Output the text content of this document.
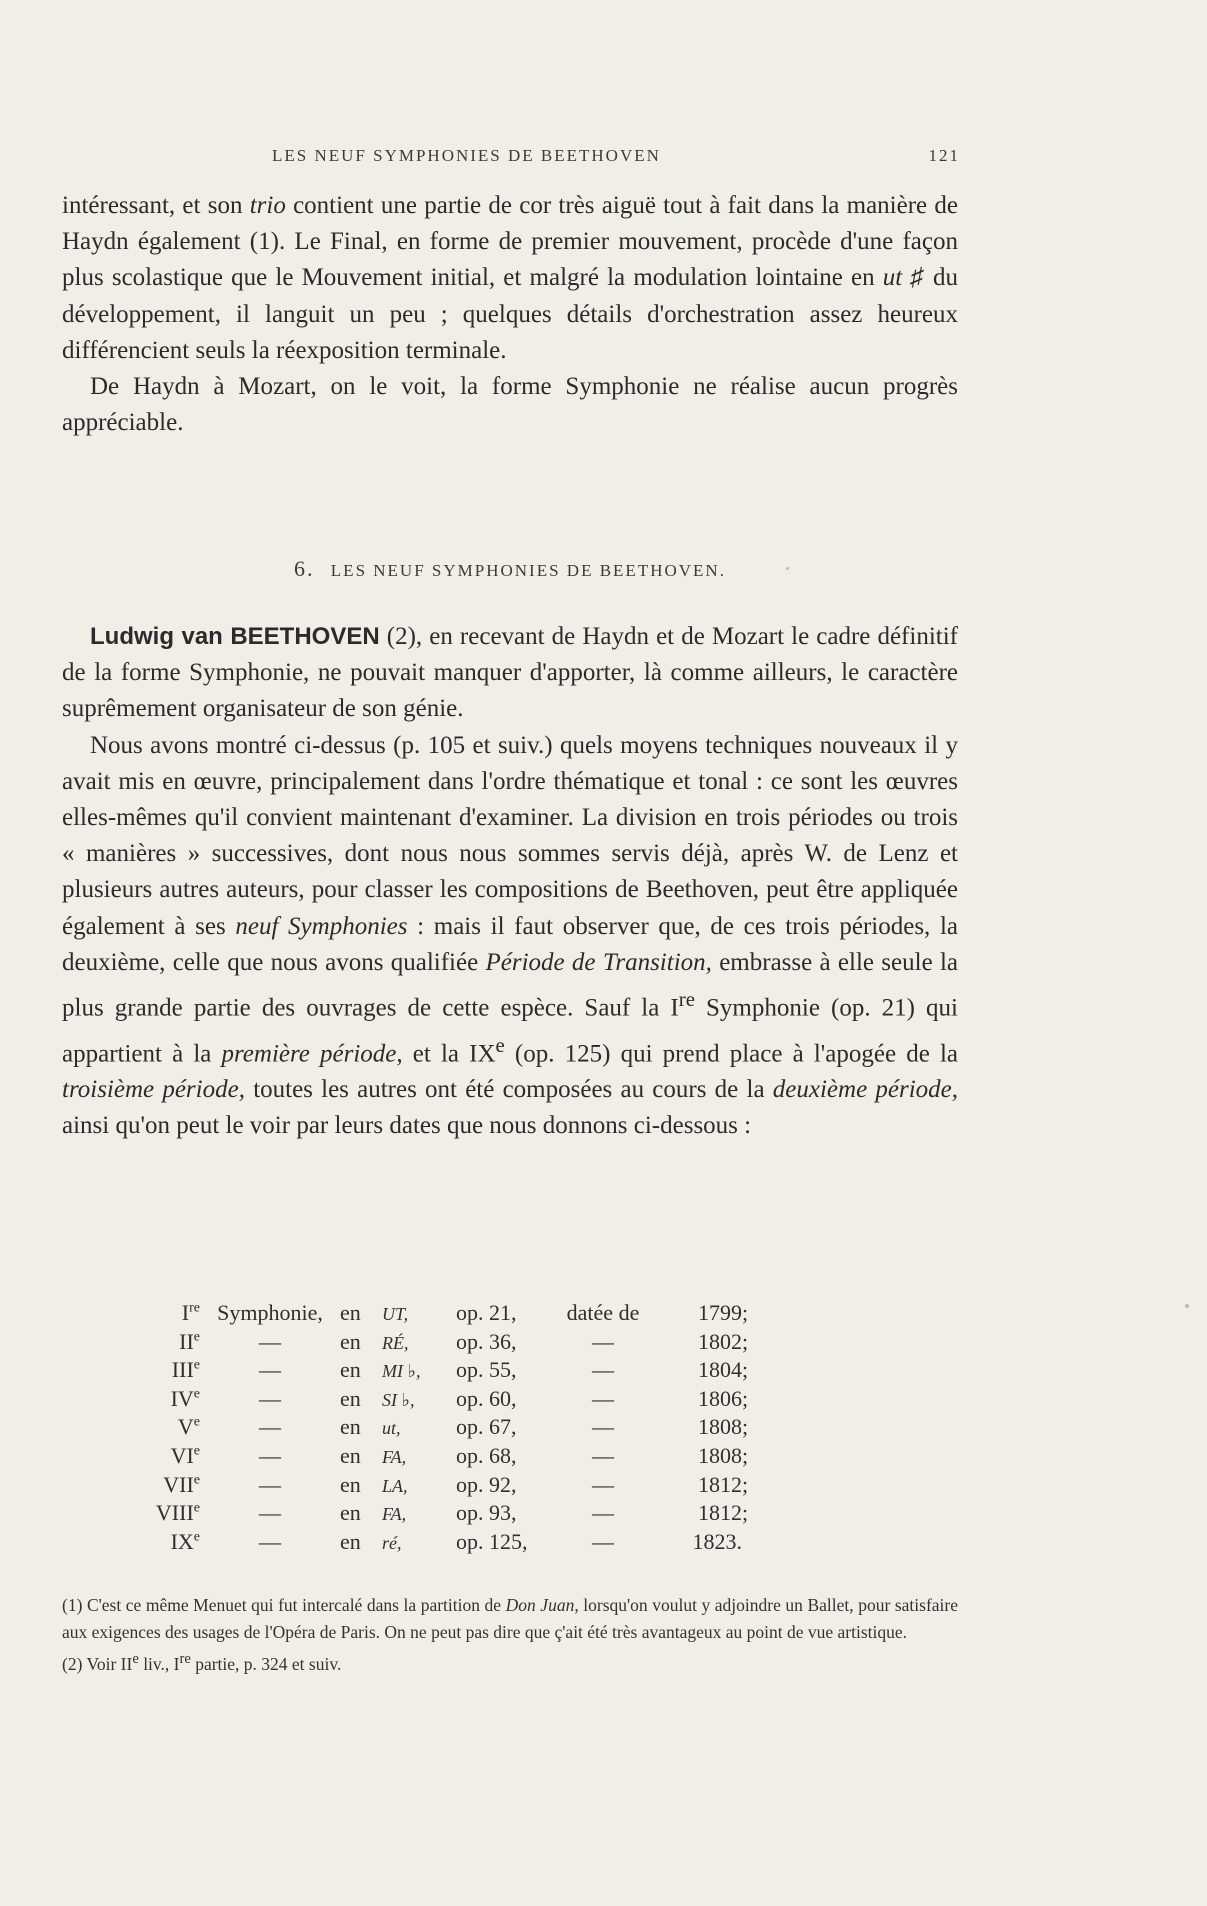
LES NEUF SYMPHONIES DE BEETHOVEN	121

intéressant, et son trio contient une partie de cor très aiguë tout à fait dans la manière de Haydn également (1). Le Final, en forme de premier mouvement, procède d'une façon plus scolastique que le Mouvement initial, et malgré la modulation lointaine en ut ♯ du développement, il languit un peu ; quelques détails d'orchestration assez heureux différencient seuls la réexposition terminale.

De Haydn à Mozart, on le voit, la forme Symphonie ne réalise aucun progrès appréciable.

6. LES NEUF SYMPHONIES DE BEETHOVEN.

Ludwig van BEETHOVEN (2), en recevant de Haydn et de Mozart le cadre définitif de la forme Symphonie, ne pouvait manquer d'apporter, là comme ailleurs, le caractère suprêmement organisateur de son génie.

Nous avons montré ci-dessus (p. 105 et suiv.) quels moyens techniques nouveaux il y avait mis en œuvre, principalement dans l'ordre thématique et tonal : ce sont les œuvres elles-mêmes qu'il convient maintenant d'examiner. La division en trois périodes ou trois « manières » successives, dont nous nous sommes servis déjà, après W. de Lenz et plusieurs autres auteurs, pour classer les compositions de Beethoven, peut être appliquée également à ses neuf Symphonies : mais il faut observer que, de ces trois périodes, la deuxième, celle que nous avons qualifiée Période de Transition, embrasse à elle seule la plus grande partie des ouvrages de cette espèce. Sauf la Ire Symphonie (op. 21) qui appartient à la première période, et la IXe (op. 125) qui prend place à l'apogée de la troisième période, toutes les autres ont été composées au cours de la deuxième période, ainsi qu'on peut le voir par leurs dates que nous donnons ci-dessous :

Ire	Symphonie,	en	UT,	op. 21,	datée de	1799	;
IIe	—	en	RÉ,	op. 36,	—	1802	;
IIIe	—	en	MI ♭,	op. 55,	—	1804	;
IVe	—	en	SI ♭,	op. 60,	—	1806	;
Ve	—	en	ut,	op. 67,	—	1808	;
VIe	—	en	FA,	op. 68,	—	1808	;
VIIe	—	en	LA,	op. 92,	—	1812	;
VIIIe	—	en	FA,	op. 93,	—	1812	;
IXe	—	en	ré,	op. 125,	—	1823.	

(1) C'est ce même Menuet qui fut intercalé dans la partition de Don Juan, lorsqu'on voulut y adjoindre un Ballet, pour satisfaire aux exigences des usages de l'Opéra de Paris. On ne peut pas dire que ç'ait été très avantageux au point de vue artistique.

(2) Voir IIe liv., Ire partie, p. 324 et suiv.
